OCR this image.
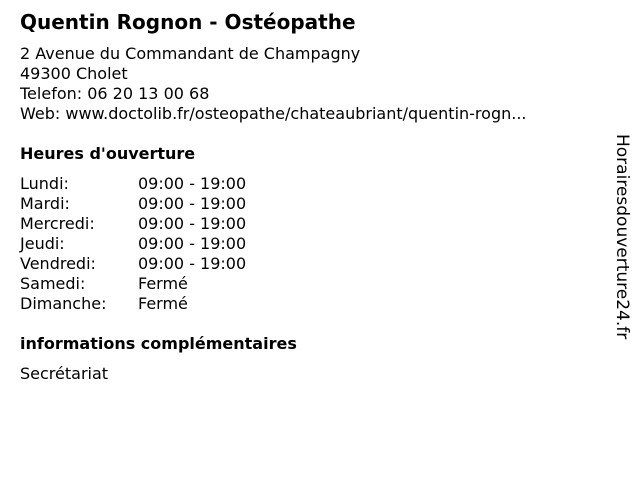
Quentin Rognon - Ostéopathe
2 Avenue du Commandant de Champagny
49300 Cholet
Telefon: 06 20 13 00 68
Web: www.doctolib.fr/osteopathe/chateaubriant/quentin-rogn...
Heures d'ouverture
Lundi:	09:00 - 19:00
Mardi:	09:00 - 19:00
Mercredi:	09:00 - 19:00
Jeudi:	09:00 - 19:00
Vendredi:	09:00 - 19:00
Samedi:	Fermé
Dimanche:	Fermé
informations complémentaires
Secrétariat
Horairesdouverture24.fr
